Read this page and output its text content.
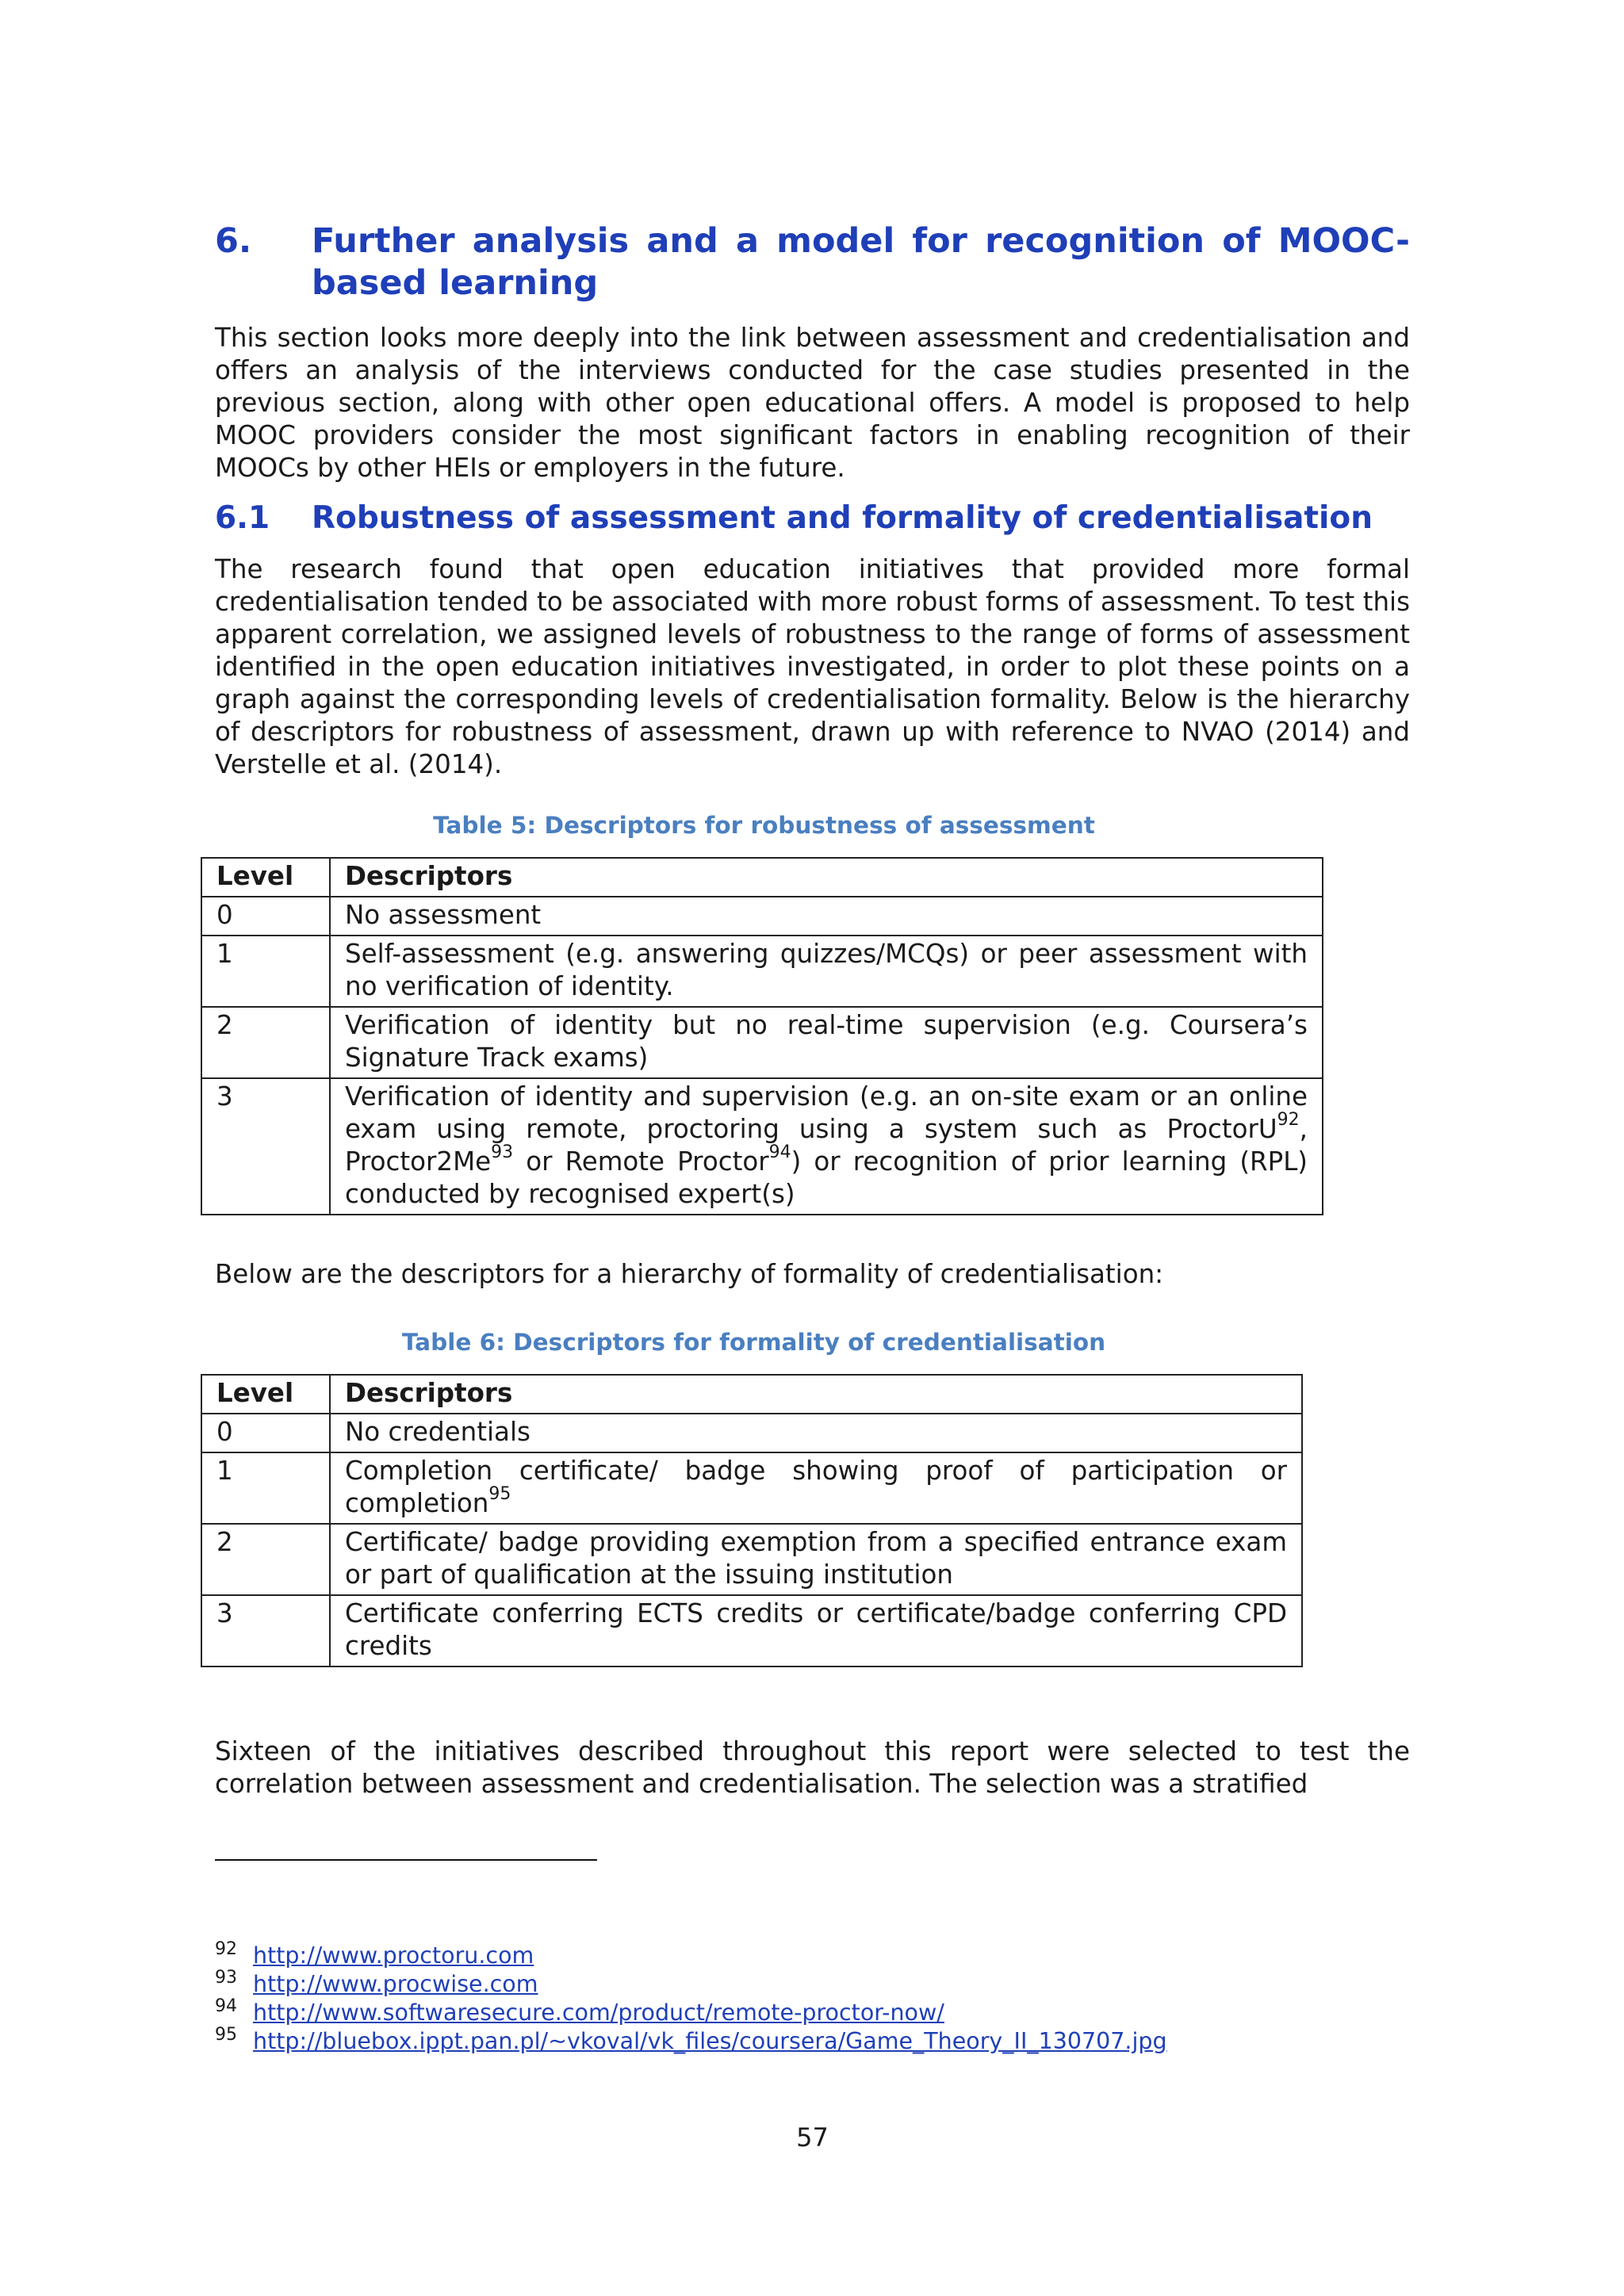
6. Further analysis and a model for recognition of MOOC-based learning

This section looks more deeply into the link between assessment and credentialisation and offers an analysis of the interviews conducted for the case studies presented in the previous section, along with other open educational offers. A model is proposed to help MOOC providers consider the most significant factors in enabling recognition of their MOOCs by other HEIs or employers in the future.

6.1 Robustness of assessment and formality of credentialisation

The research found that open education initiatives that provided more formal credentialisation tended to be associated with more robust forms of assessment. To test this apparent correlation, we assigned levels of robustness to the range of forms of assessment identified in the open education initiatives investigated, in order to plot these points on a graph against the corresponding levels of credentialisation formality. Below is the hierarchy of descriptors for robustness of assessment, drawn up with reference to NVAO (2014) and Verstelle et al. (2014).

Table 5: Descriptors for robustness of assessment
Level	Descriptors
0	No assessment
1	Self-assessment (e.g. answering quizzes/MCQs) or peer assessment with no verification of identity.
2	Verification of identity but no real-time supervision (e.g. Coursera’s Signature Track exams)
3	Verification of identity and supervision (e.g. an on-site exam or an online exam using remote, proctoring using a system such as ProctorU$^{92}$, Proctor2Me$^{93}$ or Remote Proctor$^{94}$) or recognition of prior learning (RPL) conducted by recognised expert(s)

Below are the descriptors for a hierarchy of formality of credentialisation:

Table 6: Descriptors for formality of credentialisation
Level	Descriptors
0	No credentials
1	Completion certificate/ badge showing proof of participation or completion$^{95}$
2	Certificate/ badge providing exemption from a specified entrance exam or part of qualification at the issuing institution
3	Certificate conferring ECTS credits or certificate/badge conferring CPD credits

Sixteen of the initiatives described throughout this report were selected to test the correlation between assessment and credentialisation. The selection was a stratified

92 http://www.proctoru.com
93 http://www.procwise.com
94 http://www.softwaresecure.com/product/remote-proctor-now/
95 http://bluebox.ippt.pan.pl/~vkoval/vk_files/coursera/Game_Theory_II_130707.jpg
57
